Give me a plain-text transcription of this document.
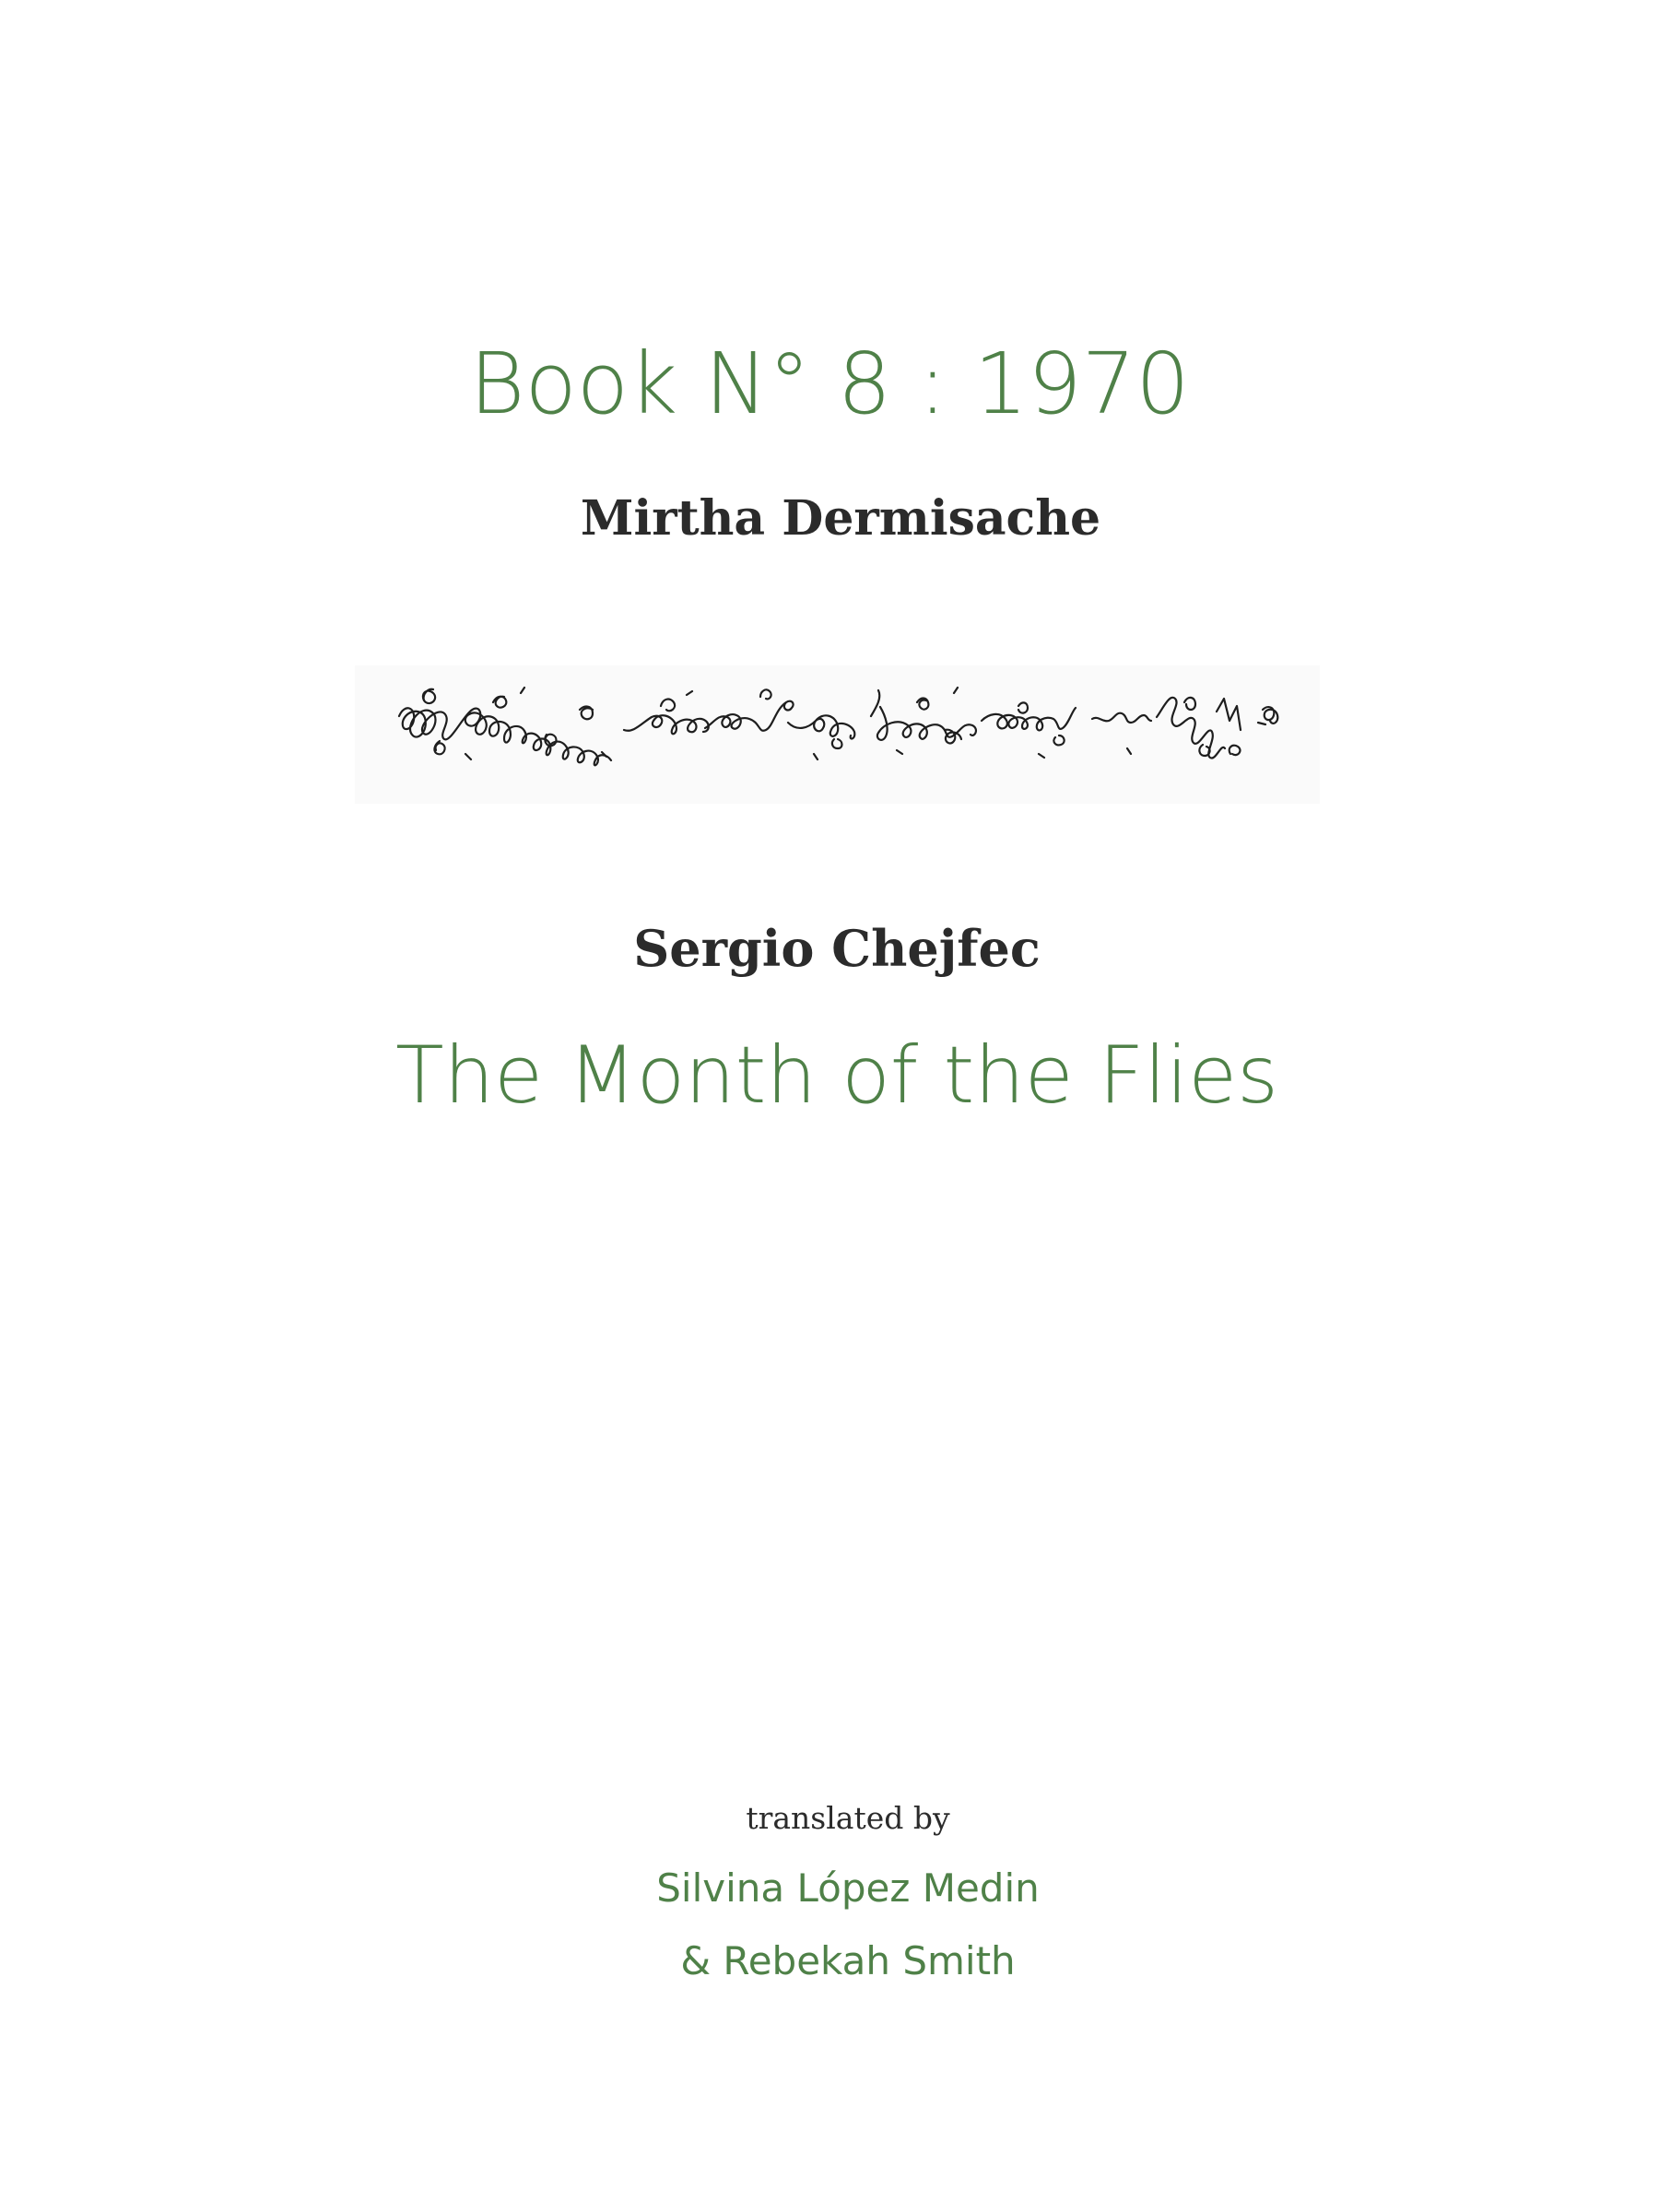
Book N° 8 : 1970
Mirtha Dermisache
Sergio Chejfec
The Month of the Flies
translated by
Silvina López Medin
& Rebekah Smith
